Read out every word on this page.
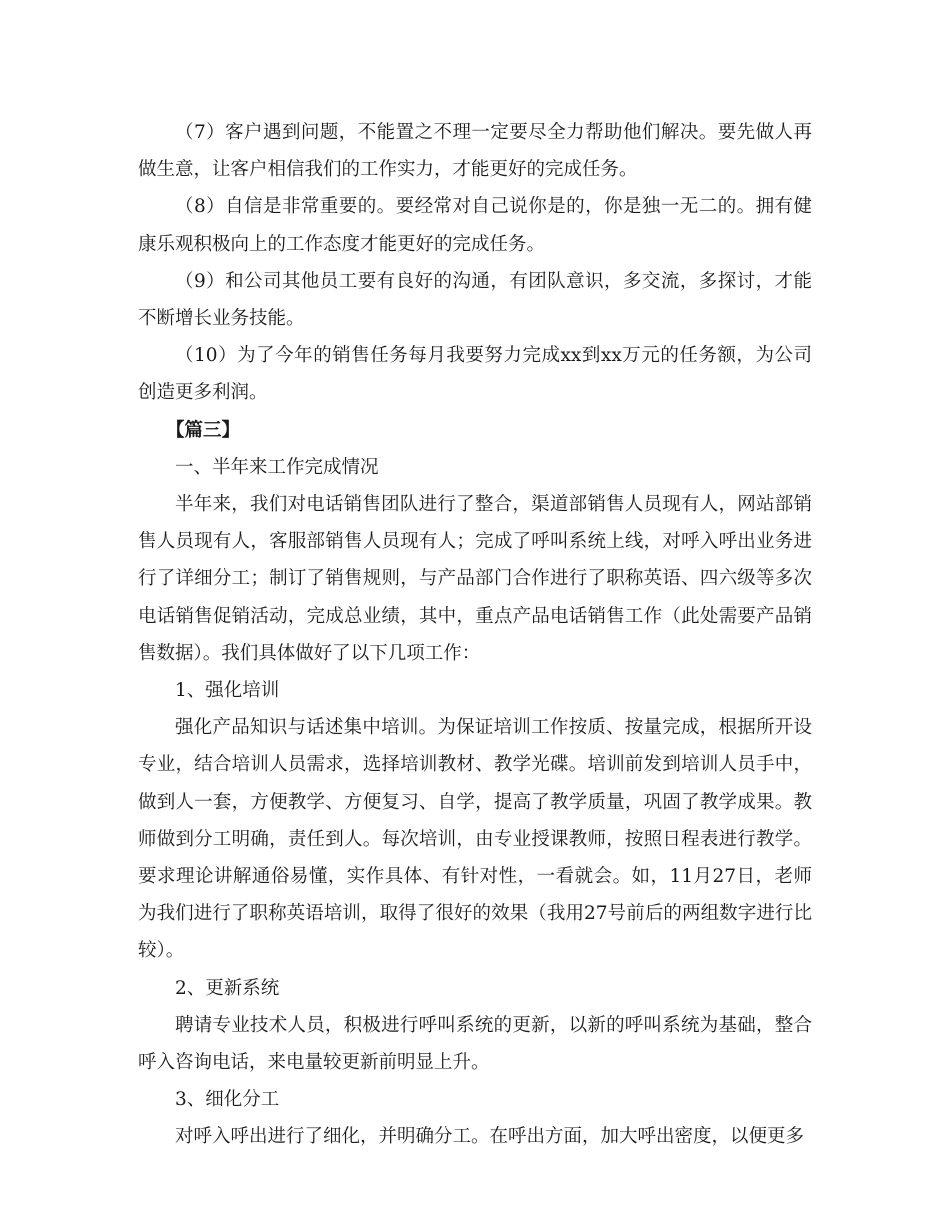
（7）客户遇到问题，不能置之不理一定要尽全力帮助他们解决。要先做人再做生意，让客户相信我们的工作实力，才能更好的完成任务。

（8）自信是非常重要的。要经常对自己说你是的，你是独一无二的。拥有健康乐观积极向上的工作态度才能更好的完成任务。

（9）和公司其他员工要有良好的沟通，有团队意识，多交流，多探讨，才能不断增长业务技能。

（10）为了今年的销售任务每月我要努力完成xx到xx万元的任务额，为公司创造更多利润。

【篇三】

一、半年来工作完成情况

半年来，我们对电话销售团队进行了整合，渠道部销售人员现有人，网站部销售人员现有人，客服部销售人员现有人；完成了呼叫系统上线，对呼入呼出业务进行了详细分工；制订了销售规则，与产品部门合作进行了职称英语、四六级等多次电话销售促销活动，完成总业绩，其中，重点产品电话销售工作（此处需要产品销售数据）。我们具体做好了以下几项工作：

1、强化培训

强化产品知识与话述集中培训。为保证培训工作按质、按量完成，根据所开设专业，结合培训人员需求，选择培训教材、教学光碟。培训前发到培训人员手中，做到人一套，方便教学、方便复习、自学，提高了教学质量，巩固了教学成果。教师做到分工明确，责任到人。每次培训，由专业授课教师，按照日程表进行教学。要求理论讲解通俗易懂，实作具体、有针对性，一看就会。如，11月27日，老师为我们进行了职称英语培训，取得了很好的效果（我用27号前后的两组数字进行比较）。

2、更新系统

聘请专业技术人员，积极进行呼叫系统的更新，以新的呼叫系统为基础，整合呼入咨询电话，来电量较更新前明显上升。

3、细化分工

对呼入呼出进行了细化，并明确分工。在呼出方面，加大呼出密度，以便更多
